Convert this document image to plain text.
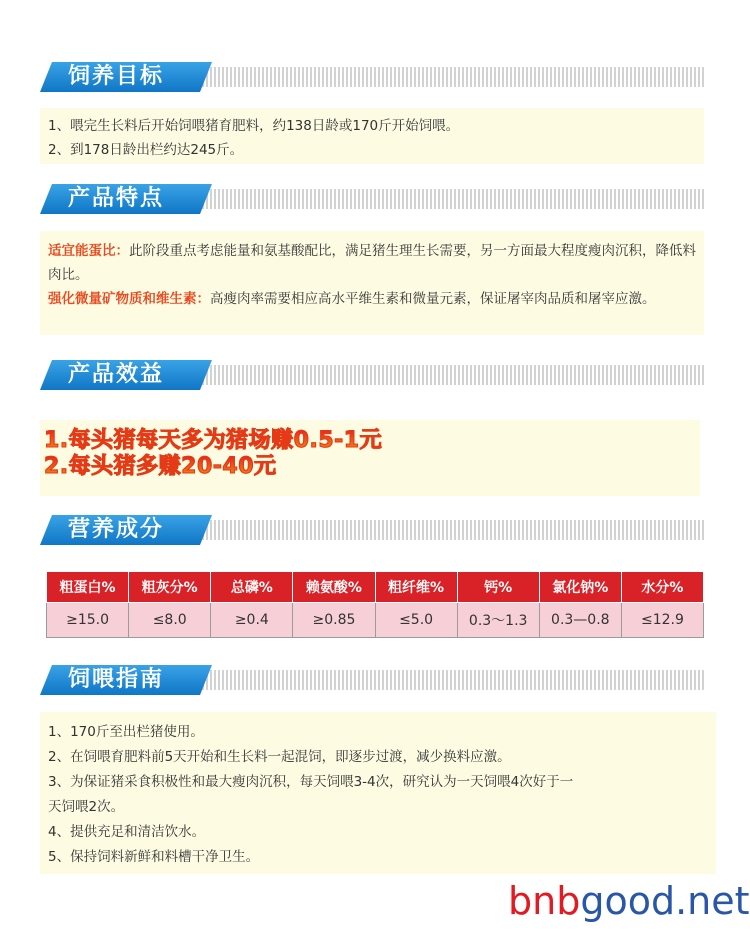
饲养目标
1、喂完生长料后开始饲喂猪育肥料，约138日龄或170斤开始饲喂。
2、到178日龄出栏约达245斤。
产品特点
适宜能蛋比：此阶段重点考虑能量和氨基酸配比，满足猪生理生长需要，另一方面最大程度瘦肉沉积，降低料肉比。
强化微量矿物质和维生素：高瘦肉率需要相应高水平维生素和微量元素，保证屠宰肉品质和屠宰应激。
产品效益
1.每头猪每天多为猪场赚0.5-1元
2.每头猪多赚20-40元
营养成分
粗蛋白%	粗灰分%	总磷%	赖氨酸%	粗纤维%	钙%	氯化钠%	水分%
≥15.0	≤8.0	≥0.4	≥0.85	≤5.0	0.3～1.3	0.3—0.8	≤12.9
饲喂指南
1、170斤至出栏猪使用。
2、在饲喂育肥料前5天开始和生长料一起混饲，即逐步过渡，减少换料应激。
3、为保证猪采食积极性和最大瘦肉沉积，每天饲喂3-4次，研究认为一天饲喂4次好于一
天饲喂2次。
4、提供充足和清洁饮水。
5、保持饲料新鲜和料槽干净卫生。
bnbgood.net
